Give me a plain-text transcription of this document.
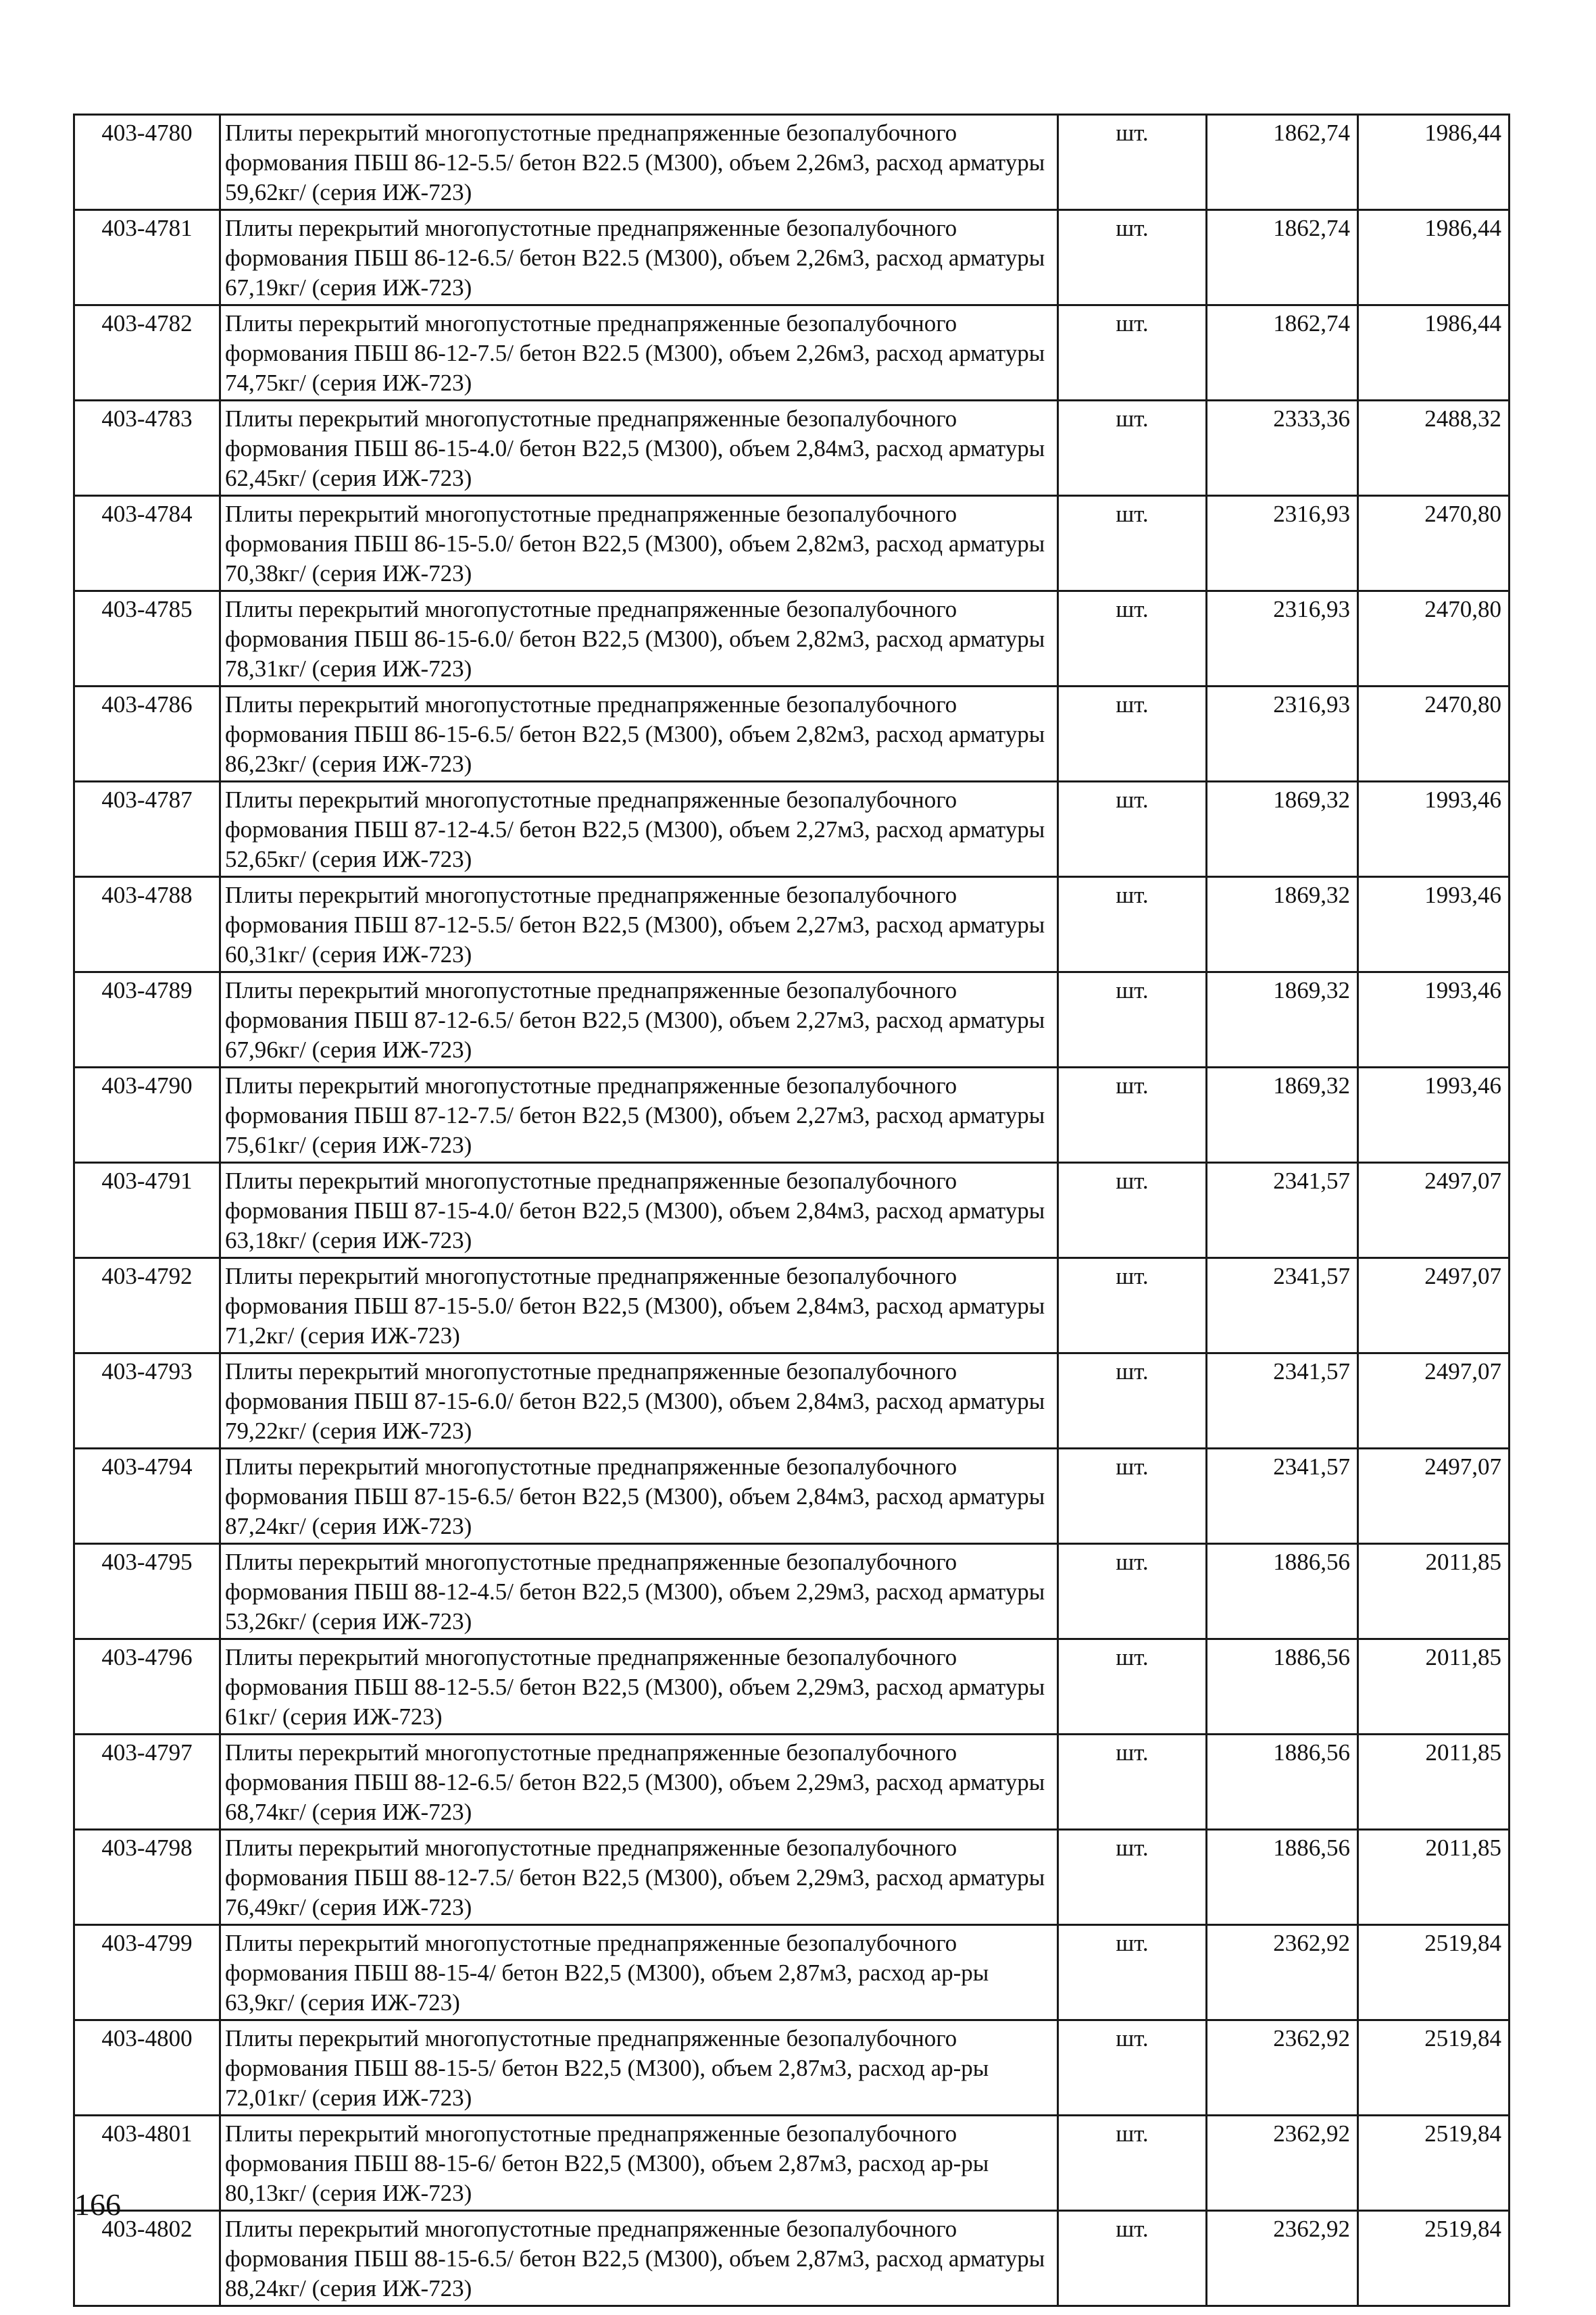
403-4780	Плиты перекрытий многопустотные преднапряженные безопалубочного формования ПБШ 86-12-5.5/ бетон В22.5 (М300), объем 2,26м3, расход арматуры 59,62кг/ (серия ИЖ-723)	шт.	1862,74	1986,44
403-4781	Плиты перекрытий многопустотные преднапряженные безопалубочного формования ПБШ 86-12-6.5/ бетон В22.5 (М300), объем 2,26м3, расход арматуры 67,19кг/ (серия ИЖ-723)	шт.	1862,74	1986,44
403-4782	Плиты перекрытий многопустотные преднапряженные безопалубочного формования ПБШ 86-12-7.5/ бетон В22.5 (М300), объем 2,26м3, расход арматуры 74,75кг/ (серия ИЖ-723)	шт.	1862,74	1986,44
403-4783	Плиты перекрытий многопустотные преднапряженные безопалубочного формования ПБШ 86-15-4.0/ бетон В22,5 (М300), объем 2,84м3, расход арматуры 62,45кг/ (серия ИЖ-723)	шт.	2333,36	2488,32
403-4784	Плиты перекрытий многопустотные преднапряженные безопалубочного формования ПБШ 86-15-5.0/ бетон В22,5 (М300), объем 2,82м3, расход арматуры 70,38кг/ (серия ИЖ-723)	шт.	2316,93	2470,80
403-4785	Плиты перекрытий многопустотные преднапряженные безопалубочного формования ПБШ 86-15-6.0/ бетон В22,5 (М300), объем 2,82м3, расход арматуры 78,31кг/ (серия ИЖ-723)	шт.	2316,93	2470,80
403-4786	Плиты перекрытий многопустотные преднапряженные безопалубочного формования ПБШ 86-15-6.5/ бетон В22,5 (М300), объем 2,82м3, расход арматуры 86,23кг/ (серия ИЖ-723)	шт.	2316,93	2470,80
403-4787	Плиты перекрытий многопустотные преднапряженные безопалубочного формования ПБШ 87-12-4.5/ бетон В22,5 (М300), объем 2,27м3, расход арматуры 52,65кг/ (серия ИЖ-723)	шт.	1869,32	1993,46
403-4788	Плиты перекрытий многопустотные преднапряженные безопалубочного формования ПБШ 87-12-5.5/ бетон В22,5 (М300), объем 2,27м3, расход арматуры 60,31кг/ (серия ИЖ-723)	шт.	1869,32	1993,46
403-4789	Плиты перекрытий многопустотные преднапряженные безопалубочного формования ПБШ 87-12-6.5/ бетон В22,5 (М300), объем 2,27м3, расход арматуры 67,96кг/ (серия ИЖ-723)	шт.	1869,32	1993,46
403-4790	Плиты перекрытий многопустотные преднапряженные безопалубочного формования ПБШ 87-12-7.5/ бетон В22,5 (М300), объем 2,27м3, расход арматуры 75,61кг/ (серия ИЖ-723)	шт.	1869,32	1993,46
403-4791	Плиты перекрытий многопустотные преднапряженные безопалубочного формования ПБШ 87-15-4.0/ бетон В22,5 (М300), объем 2,84м3, расход арматуры 63,18кг/ (серия ИЖ-723)	шт.	2341,57	2497,07
403-4792	Плиты перекрытий многопустотные преднапряженные безопалубочного формования ПБШ 87-15-5.0/ бетон В22,5 (М300), объем 2,84м3, расход арматуры 71,2кг/ (серия ИЖ-723)	шт.	2341,57	2497,07
403-4793	Плиты перекрытий многопустотные преднапряженные безопалубочного формования ПБШ 87-15-6.0/ бетон В22,5 (М300), объем 2,84м3, расход арматуры 79,22кг/ (серия ИЖ-723)	шт.	2341,57	2497,07
403-4794	Плиты перекрытий многопустотные преднапряженные безопалубочного формования ПБШ 87-15-6.5/ бетон В22,5 (М300), объем 2,84м3, расход арматуры 87,24кг/ (серия ИЖ-723)	шт.	2341,57	2497,07
403-4795	Плиты перекрытий многопустотные преднапряженные безопалубочного формования ПБШ 88-12-4.5/ бетон В22,5 (М300), объем 2,29м3, расход арматуры 53,26кг/ (серия ИЖ-723)	шт.	1886,56	2011,85
403-4796	Плиты перекрытий многопустотные преднапряженные безопалубочного формования ПБШ 88-12-5.5/ бетон В22,5 (М300), объем 2,29м3, расход арматуры 61кг/ (серия ИЖ-723)	шт.	1886,56	2011,85
403-4797	Плиты перекрытий многопустотные преднапряженные безопалубочного формования ПБШ 88-12-6.5/ бетон В22,5 (М300), объем 2,29м3, расход арматуры 68,74кг/ (серия ИЖ-723)	шт.	1886,56	2011,85
403-4798	Плиты перекрытий многопустотные преднапряженные безопалубочного формования ПБШ 88-12-7.5/ бетон В22,5 (М300), объем 2,29м3, расход арматуры 76,49кг/ (серия ИЖ-723)	шт.	1886,56	2011,85
403-4799	Плиты перекрытий многопустотные преднапряженные безопалубочного формования ПБШ 88-15-4/ бетон В22,5 (М300), объем 2,87м3, расход ар-ры 63,9кг/ (серия ИЖ-723)	шт.	2362,92	2519,84
403-4800	Плиты перекрытий многопустотные преднапряженные безопалубочного формования ПБШ 88-15-5/ бетон В22,5 (М300), объем 2,87м3, расход ар-ры 72,01кг/ (серия ИЖ-723)	шт.	2362,92	2519,84
403-4801	Плиты перекрытий многопустотные преднапряженные безопалубочного формования ПБШ 88-15-6/ бетон В22,5 (М300), объем 2,87м3, расход ар-ры 80,13кг/ (серия ИЖ-723)	шт.	2362,92	2519,84
403-4802	Плиты перекрытий многопустотные преднапряженные безопалубочного формования ПБШ 88-15-6.5/ бетон В22,5 (М300), объем 2,87м3, расход арматуры 88,24кг/ (серия ИЖ-723)	шт.	2362,92	2519,84
166
